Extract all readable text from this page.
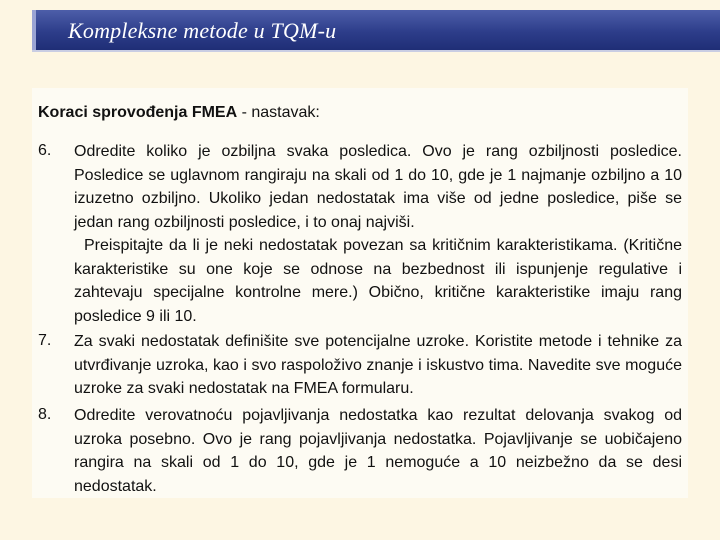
Kompleksne metode u TQM-u
Koraci sprovođenja FMEA - nastavak:
6. Odredite koliko je ozbiljna svaka posledica. Ovo je rang ozbiljnosti posledice. Posledice se uglavnom rangiraju na skali od 1 do 10, gde je 1 najmanje ozbiljno a 10 izuzetno ozbiljno. Ukoliko jedan nedostatak ima više od jedne posledice, piše se jedan rang ozbiljnosti posledice, i to onaj najviši.
Preispitajte da li je neki nedostatak povezan sa kritičnim karakteristikama. (Kritične karakteristike su one koje se odnose na bezbednost ili ispunjenje regulative i zahtevaju specijalne kontrolne mere.) Obično, kritične karakteristike imaju rang posledice 9 ili 10.
7. Za svaki nedostatak definišite sve potencijalne uzroke. Koristite metode i tehnike za utvrđivanje uzroka, kao i svo raspoloživo znanje i iskustvo tima. Navedite sve moguće uzroke za svaki nedostatak na FMEA formularu.
8. Odredite verovatnoću pojavljivanja nedostatka kao rezultat delovanja svakog od uzroka posebno. Ovo je rang pojavljivanja nedostatka. Pojavljivanje se uobičajeno rangira na skali od 1 do 10, gde je 1 nemoguće a 10 neizbežno da se desi nedostatak.
